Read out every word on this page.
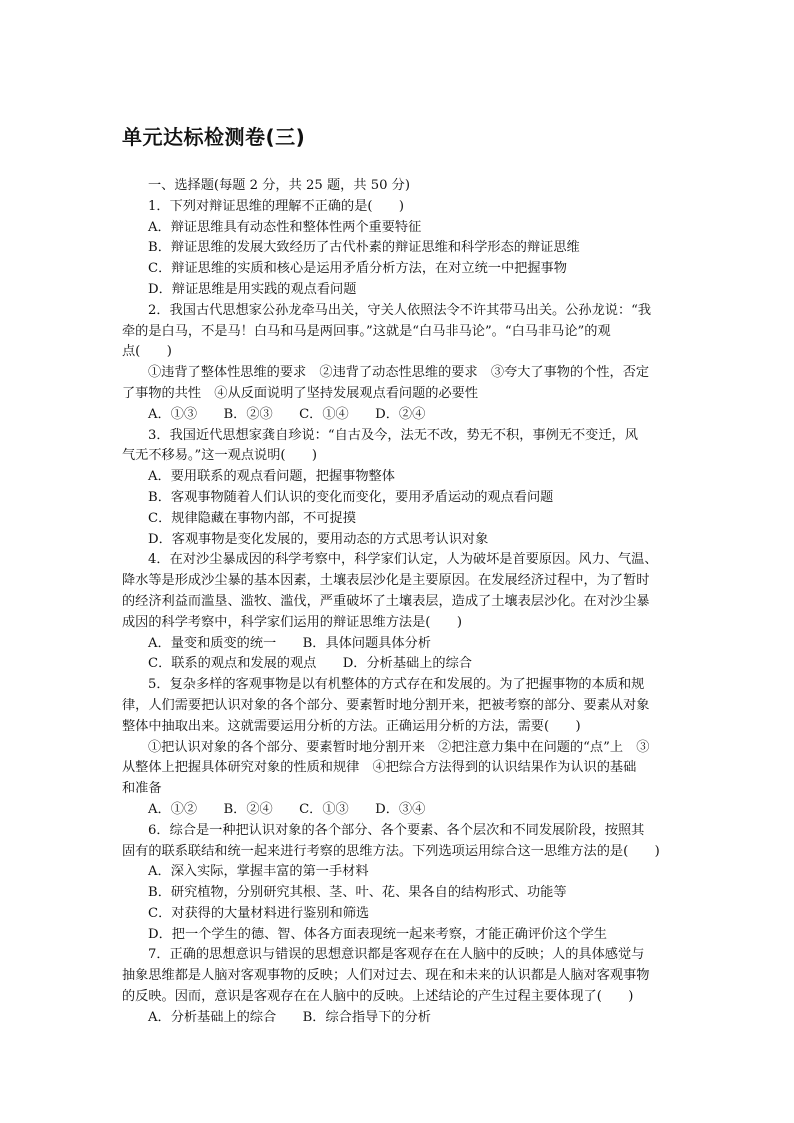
单元达标检测卷(三)
一、选择题(每题 2 分，共 25 题，共 50 分)
1．下列对辩证思维的理解不正确的是(　　)
A．辩证思维具有动态性和整体性两个重要特征
B．辩证思维的发展大致经历了古代朴素的辩证思维和科学形态的辩证思维
C．辩证思维的实质和核心是运用矛盾分析方法，在对立统一中把握事物
D．辩证思维是用实践的观点看问题
2．我国古代思想家公孙龙牵马出关，守关人依照法令不许其带马出关。公孙龙说：“我
牵的是白马，不是马！白马和马是两回事。”这就是“白马非马论”。“白马非马论”的观
点(　　)
①违背了整体性思维的要求　②违背了动态性思维的要求　③夸大了事物的个性，否定
了事物的共性　④从反面说明了坚持发展观点看问题的必要性
A．①③　　B．②③　　C．①④　　D．②④
3．我国近代思想家龚自珍说：“自古及今，法无不改，势无不积，事例无不变迁，风
气无不移易。”这一观点说明(　　)
A．要用联系的观点看问题，把握事物整体
B．客观事物随着人们认识的变化而变化，要用矛盾运动的观点看问题
C．规律隐藏在事物内部，不可捉摸
D．客观事物是变化发展的，要用动态的方式思考认识对象
4．在对沙尘暴成因的科学考察中，科学家们认定，人为破坏是首要原因。风力、气温、
降水等是形成沙尘暴的基本因素，土壤表层沙化是主要原因。在发展经济过程中，为了暂时
的经济利益而滥垦、滥牧、滥伐，严重破坏了土壤表层，造成了土壤表层沙化。在对沙尘暴
成因的科学考察中，科学家们运用的辩证思维方法是(　　)
A．量变和质变的统一　　B．具体问题具体分析
C．联系的观点和发展的观点　　D．分析基础上的综合
5．复杂多样的客观事物是以有机整体的方式存在和发展的。为了把握事物的本质和规
律，人们需要把认识对象的各个部分、要素暂时地分割开来，把被考察的部分、要素从对象
整体中抽取出来。这就需要运用分析的方法。正确运用分析的方法，需要(　　)
①把认识对象的各个部分、要素暂时地分割开来　②把注意力集中在问题的“点”上　③
从整体上把握具体研究对象的性质和规律　④把综合方法得到的认识结果作为认识的基础
和准备
A．①②　　B．②④　　C．①③　　D．③④
6．综合是一种把认识对象的各个部分、各个要素、各个层次和不同发展阶段，按照其
固有的联系联结和统一起来进行考察的思维方法。下列选项运用综合这一思维方法的是(　　)
A．深入实际，掌握丰富的第一手材料
B．研究植物，分别研究其根、茎、叶、花、果各自的结构形式、功能等
C．对获得的大量材料进行鉴别和筛选
D．把一个学生的德、智、体各方面表现统一起来考察，才能正确评价这个学生
7．正确的思想意识与错误的思想意识都是客观存在在人脑中的反映；人的具体感觉与
抽象思维都是人脑对客观事物的反映；人们对过去、现在和未来的认识都是人脑对客观事物
的反映。因而，意识是客观存在在人脑中的反映。上述结论的产生过程主要体现了(　　)
A．分析基础上的综合　　B．综合指导下的分析
